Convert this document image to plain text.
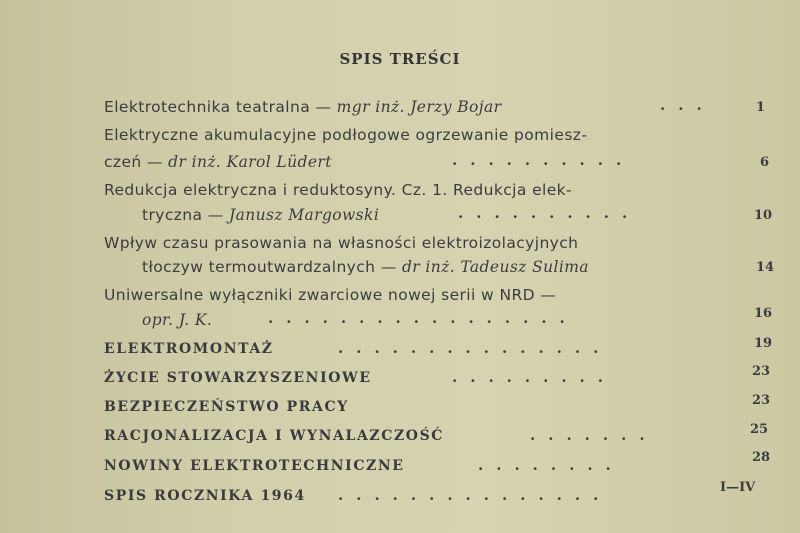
SPIS TREŚCI
Elektrotechnika teatralna — mgr inż. Jerzy Bojar	...	1
Elektryczne akumulacyjne podłogowe ogrzewanie pomiesz-
czeń — dr inż. Karol Lüdert	..........	6
Redukcja elektryczna i reduktosyny. Cz. 1. Redukcja elek-
tryczna — Janusz Margowski	..........	10
Wpływ czasu prasowania na własności elektroizolacyjnych
tłoczyw termoutwardzalnych — dr inż. Tadeusz Sulima	14
Uniwersalne wyłączniki zwarciowe nowej serii w NRD —
opr. J. K.	.................	16
ELEKTROMONTAŻ	...............	19
ŻYCIE STOWARZYSZENIOWE	.........	23
BEZPIECZEŃSTWO PRACY	23
RACJONALIZACJA I WYNALAZCZOŚĆ	.......	25
NOWINY ELEKTROTECHNICZNE	........	28
SPIS ROCZNIKA 1964 ...............	I—IV
